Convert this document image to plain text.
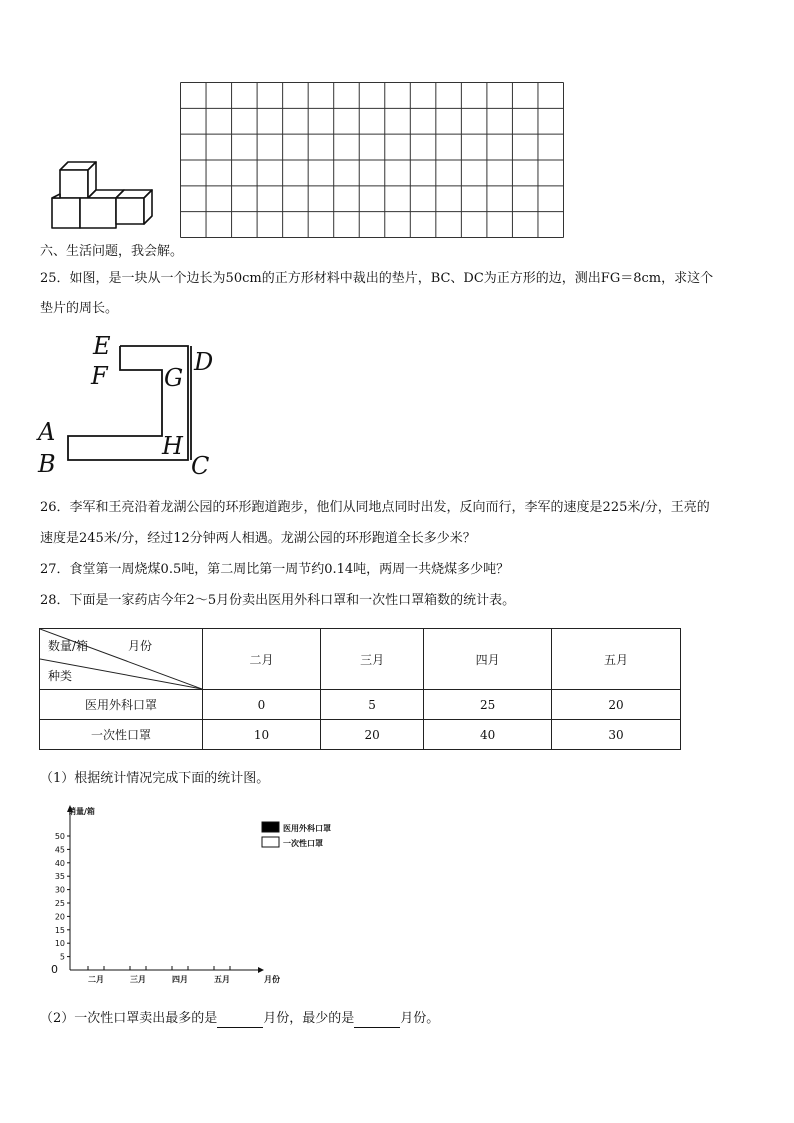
六、生活问题，我会解。
25．如图，是一块从一个边长为50cm的正方形材料中裁出的垫片，BC、DC为正方形的边，测出FG＝8cm，求这个
垫片的周长。
E
D
F G
A	H
B	C
26．李军和王亮沿着龙湖公园的环形跑道跑步，他们从同地点同时出发，反向而行，李军的速度是225米/分，王亮的
速度是245米/分，经过12分钟两人相遇。龙湖公园的环形跑道全长多少米？
27．食堂第一周烧煤0.5吨，第二周比第一周节约0.14吨，两周一共烧煤多少吨？
28．下面是一家药店今年2～5月份卖出医用外科口罩和一次性口罩箱数的统计表。
数量/箱 月份
种类	二月	三月	四月	五月
医用外科口罩	0	5	25	20
一次性口罩	10	20	40	30
（1）根据统计情况完成下面的统计图。
销量/箱
月份
0
5
10
15
20
25
30
35
40
45
50
二月	三月	四月	五月
医用外科口罩
一次性口罩
（2）一次性口罩卖出最多的是	月份，最少的是	月份。
